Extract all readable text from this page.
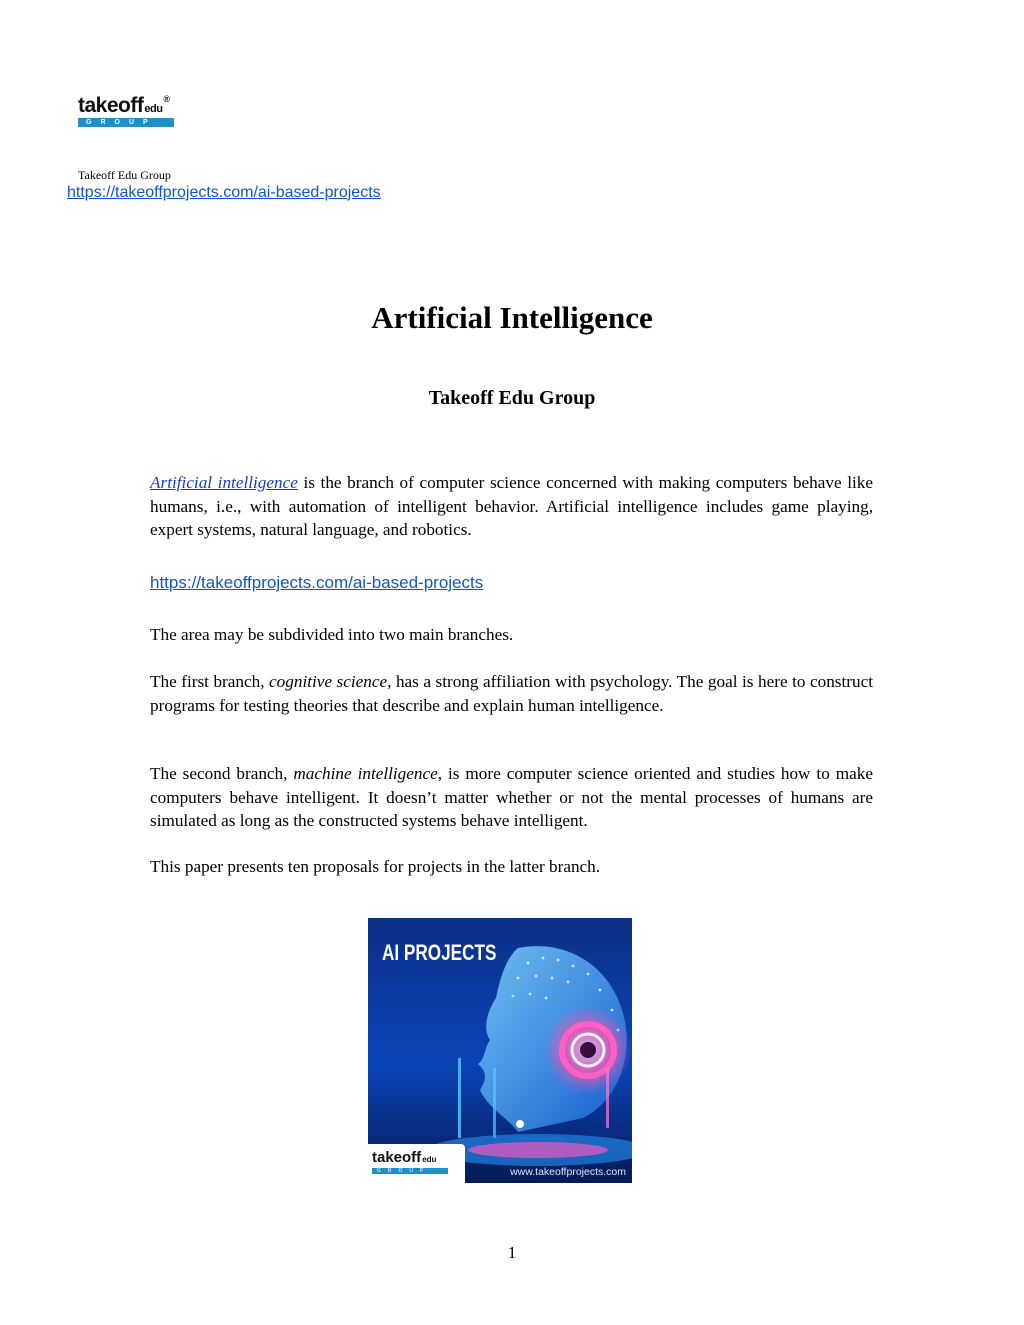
takeoffedu®
GROUP
Takeoff Edu Group
https://takeoffprojects.com/ai-based-projects
Artificial Intelligence
Takeoff Edu Group
Artificial intelligence is the branch of computer science concerned with making computers behave like humans, i.e., with automation of intelligent behavior. Artificial intelligence includes game playing, expert systems, natural language, and robotics.
https://takeoffprojects.com/ai-based-projects
The area may be subdivided into two main branches.
The first branch, cognitive science, has a strong affiliation with psychology. The goal is here to construct programs for testing theories that describe and explain human intelligence.
The second branch, machine intelligence, is more computer science oriented and studies how to make computers behave intelligent. It doesn’t matter whether or not the mental processes of humans are simulated as long as the constructed systems behave intelligent.
This paper presents ten proposals for projects in the latter branch.
AI PROJECTS
takeoffedu
GROUP	www.takeoffprojects.com
1
